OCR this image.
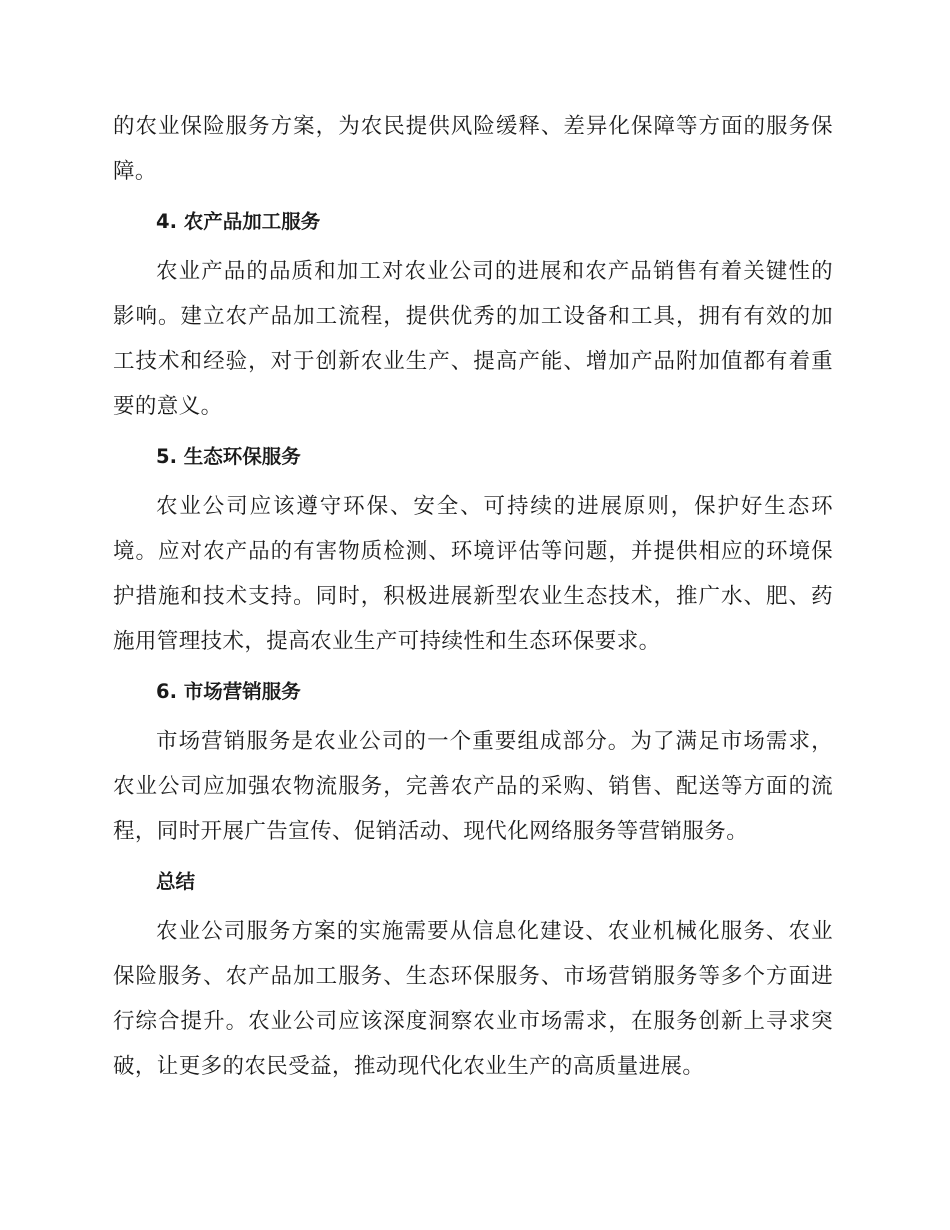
的农业保险服务方案，为农民提供风险缓释、差异化保障等方面的服务保障。

4. 农产品加工服务

农业产品的品质和加工对农业公司的进展和农产品销售有着关键性的影响。建立农产品加工流程，提供优秀的加工设备和工具，拥有有效的加工技术和经验，对于创新农业生产、提高产能、增加产品附加值都有着重要的意义。

5. 生态环保服务

农业公司应该遵守环保、安全、可持续的进展原则，保护好生态环境。应对农产品的有害物质检测、环境评估等问题，并提供相应的环境保护措施和技术支持。同时，积极进展新型农业生态技术，推广水、肥、药施用管理技术，提高农业生产可持续性和生态环保要求。

6. 市场营销服务

市场营销服务是农业公司的一个重要组成部分。为了满足市场需求，农业公司应加强农物流服务，完善农产品的采购、销售、配送等方面的流程，同时开展广告宣传、促销活动、现代化网络服务等营销服务。

总结

农业公司服务方案的实施需要从信息化建设、农业机械化服务、农业保险服务、农产品加工服务、生态环保服务、市场营销服务等多个方面进行综合提升。农业公司应该深度洞察农业市场需求，在服务创新上寻求突破，让更多的农民受益，推动现代化农业生产的高质量进展。
